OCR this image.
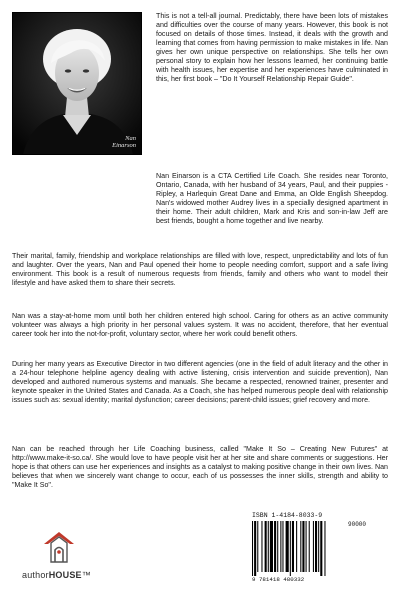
Nan
Einarson

This is not a tell-all journal. Predictably, there have been lots of mistakes and difficulties over the course of many years. However, this book is not focused on details of those times. Instead, it deals with the growth and learning that comes from having permission to make mistakes in life. Nan gives her own unique perspective on relationships. She tells her own personal story to explain how her lessons learned, her continuing battle with health issues, her expertise and her experiences have culminated in this, her first book – "Do It Yourself Relationship Repair Guide".

Nan Einarson is a CTA Certified Life Coach. She resides near Toronto, Ontario, Canada, with her husband of 34 years, Paul, and their puppies -Ripley, a Harlequin Great Dane and Emma, an Olde English Sheepdog. Nan's widowed mother Audrey lives in a specially designed apartment in their home. Their adult children, Mark and Kris and son-in-law Jeff are best friends, bought a home together and live nearby.

Their marital, family, friendship and workplace relationships are filled with love, respect, unpredictability and lots of fun and laughter. Over the years, Nan and Paul opened their home to people needing comfort, support and a safe living environment. This book is a result of numerous requests from friends, family and others who want to model their lifestyle and have asked them to share their secrets.

Nan was a stay-at-home mom until both her children entered high school. Caring for others as an active community volunteer was always a high priority in her personal values system. It was no accident, therefore, that her eventual career took her into the not-for-profit, voluntary sector, where her work could benefit others.

During her many years as Executive Director in two different agencies (one in the field of adult literacy and the other in a 24-hour telephone helpline agency dealing with active listening, crisis intervention and suicide prevention), Nan developed and authored numerous systems and manuals. She became a respected, renowned trainer, presenter and keynote speaker in the United States and Canada. As a Coach, she has helped numerous people deal with relationship issues such as: sexual identity; marital dysfunction; career decisions; parent-child issues; grief recovery and more.

Nan can be reached through her Life Coaching business, called "Make It So – Creating New Futures" at http://www.make-it-so.ca/. She would love to have people visit her at her site and share comments or suggestions. Her hope is that others can use her experiences and insights as a catalyst to making positive change in their own lives. Nan believes that when we sincerely want change to occur, each of us possesses the inner skills, strength and ability to "Make It So".

authorHOUSE™
ISBN 1-4184-8033-9
90000
9 781418 480332
